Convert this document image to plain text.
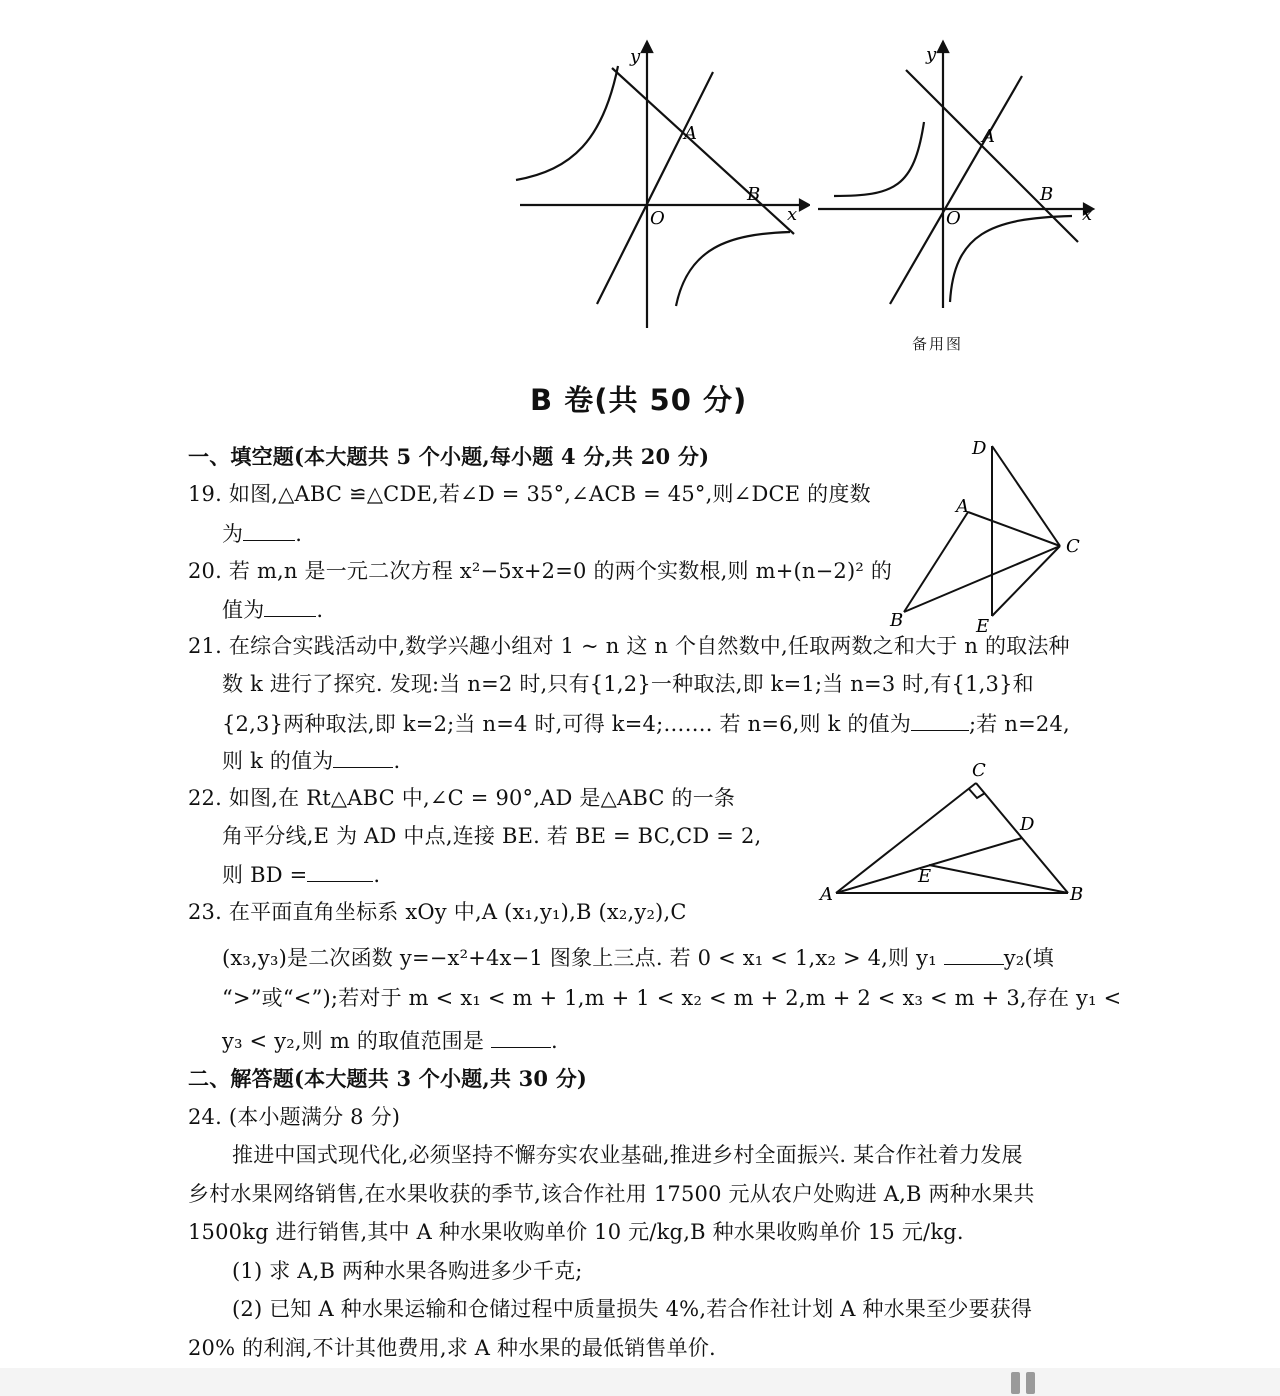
y
x
O
A
B
y
x
O
A
B
备用图
B 卷(共 50 分)
D
A
C
B	E
C
D
E
A	B
一、填空题(本大题共 5 个小题,每小题 4 分,共 20 分)
19. 如图,△ABC ≌△CDE,若∠D = 35°,∠ACB = 45°,则∠DCE 的度数
为 .
20. 若 m,n 是一元二次方程 x²−5x+2=0 的两个实数根,则 m+(n−2)² 的
值为 .
21. 在综合实践活动中,数学兴趣小组对 1 ~ n 这 n 个自然数中,任取两数之和大于 n 的取法种
数 k 进行了探究. 发现:当 n=2 时,只有{1,2}一种取法,即 k=1;当 n=3 时,有{1,3}和
{2,3}两种取法,即 k=2;当 n=4 时,可得 k=4;……. 若 n=6,则 k 的值为	;若 n=24,
则 k 的值为	.
22. 如图,在 Rt△ABC 中,∠C = 90°,AD 是△ABC 的一条
角平分线,E 为 AD 中点,连接 BE. 若 BE = BC,CD = 2,
则 BD =	.
23. 在平面直角坐标系 xOy 中,A (x₁,y₁),B (x₂,y₂),C
(x₃,y₃)是二次函数 y=−x²+4x−1 图象上三点. 若 0 < x₁ < 1,x₂ > 4,则 y₁	y₂(填
“>”或“<”);若对于 m < x₁ < m + 1,m + 1 < x₂ < m + 2,m + 2 < x₃ < m + 3,存在 y₁ <
y₃ < y₂,则 m 的取值范围是	.
二、解答题(本大题共 3 个小题,共 30 分)
24. (本小题满分 8 分)
推进中国式现代化,必须坚持不懈夯实农业基础,推进乡村全面振兴. 某合作社着力发展
乡村水果网络销售,在水果收获的季节,该合作社用 17500 元从农户处购进 A,B 两种水果共
1500kg 进行销售,其中 A 种水果收购单价 10 元/kg,B 种水果收购单价 15 元/kg.
(1) 求 A,B 两种水果各购进多少千克;
(2) 已知 A 种水果运输和仓储过程中质量损失 4%,若合作社计划 A 种水果至少要获得
20% 的利润,不计其他费用,求 A 种水果的最低销售单价.
